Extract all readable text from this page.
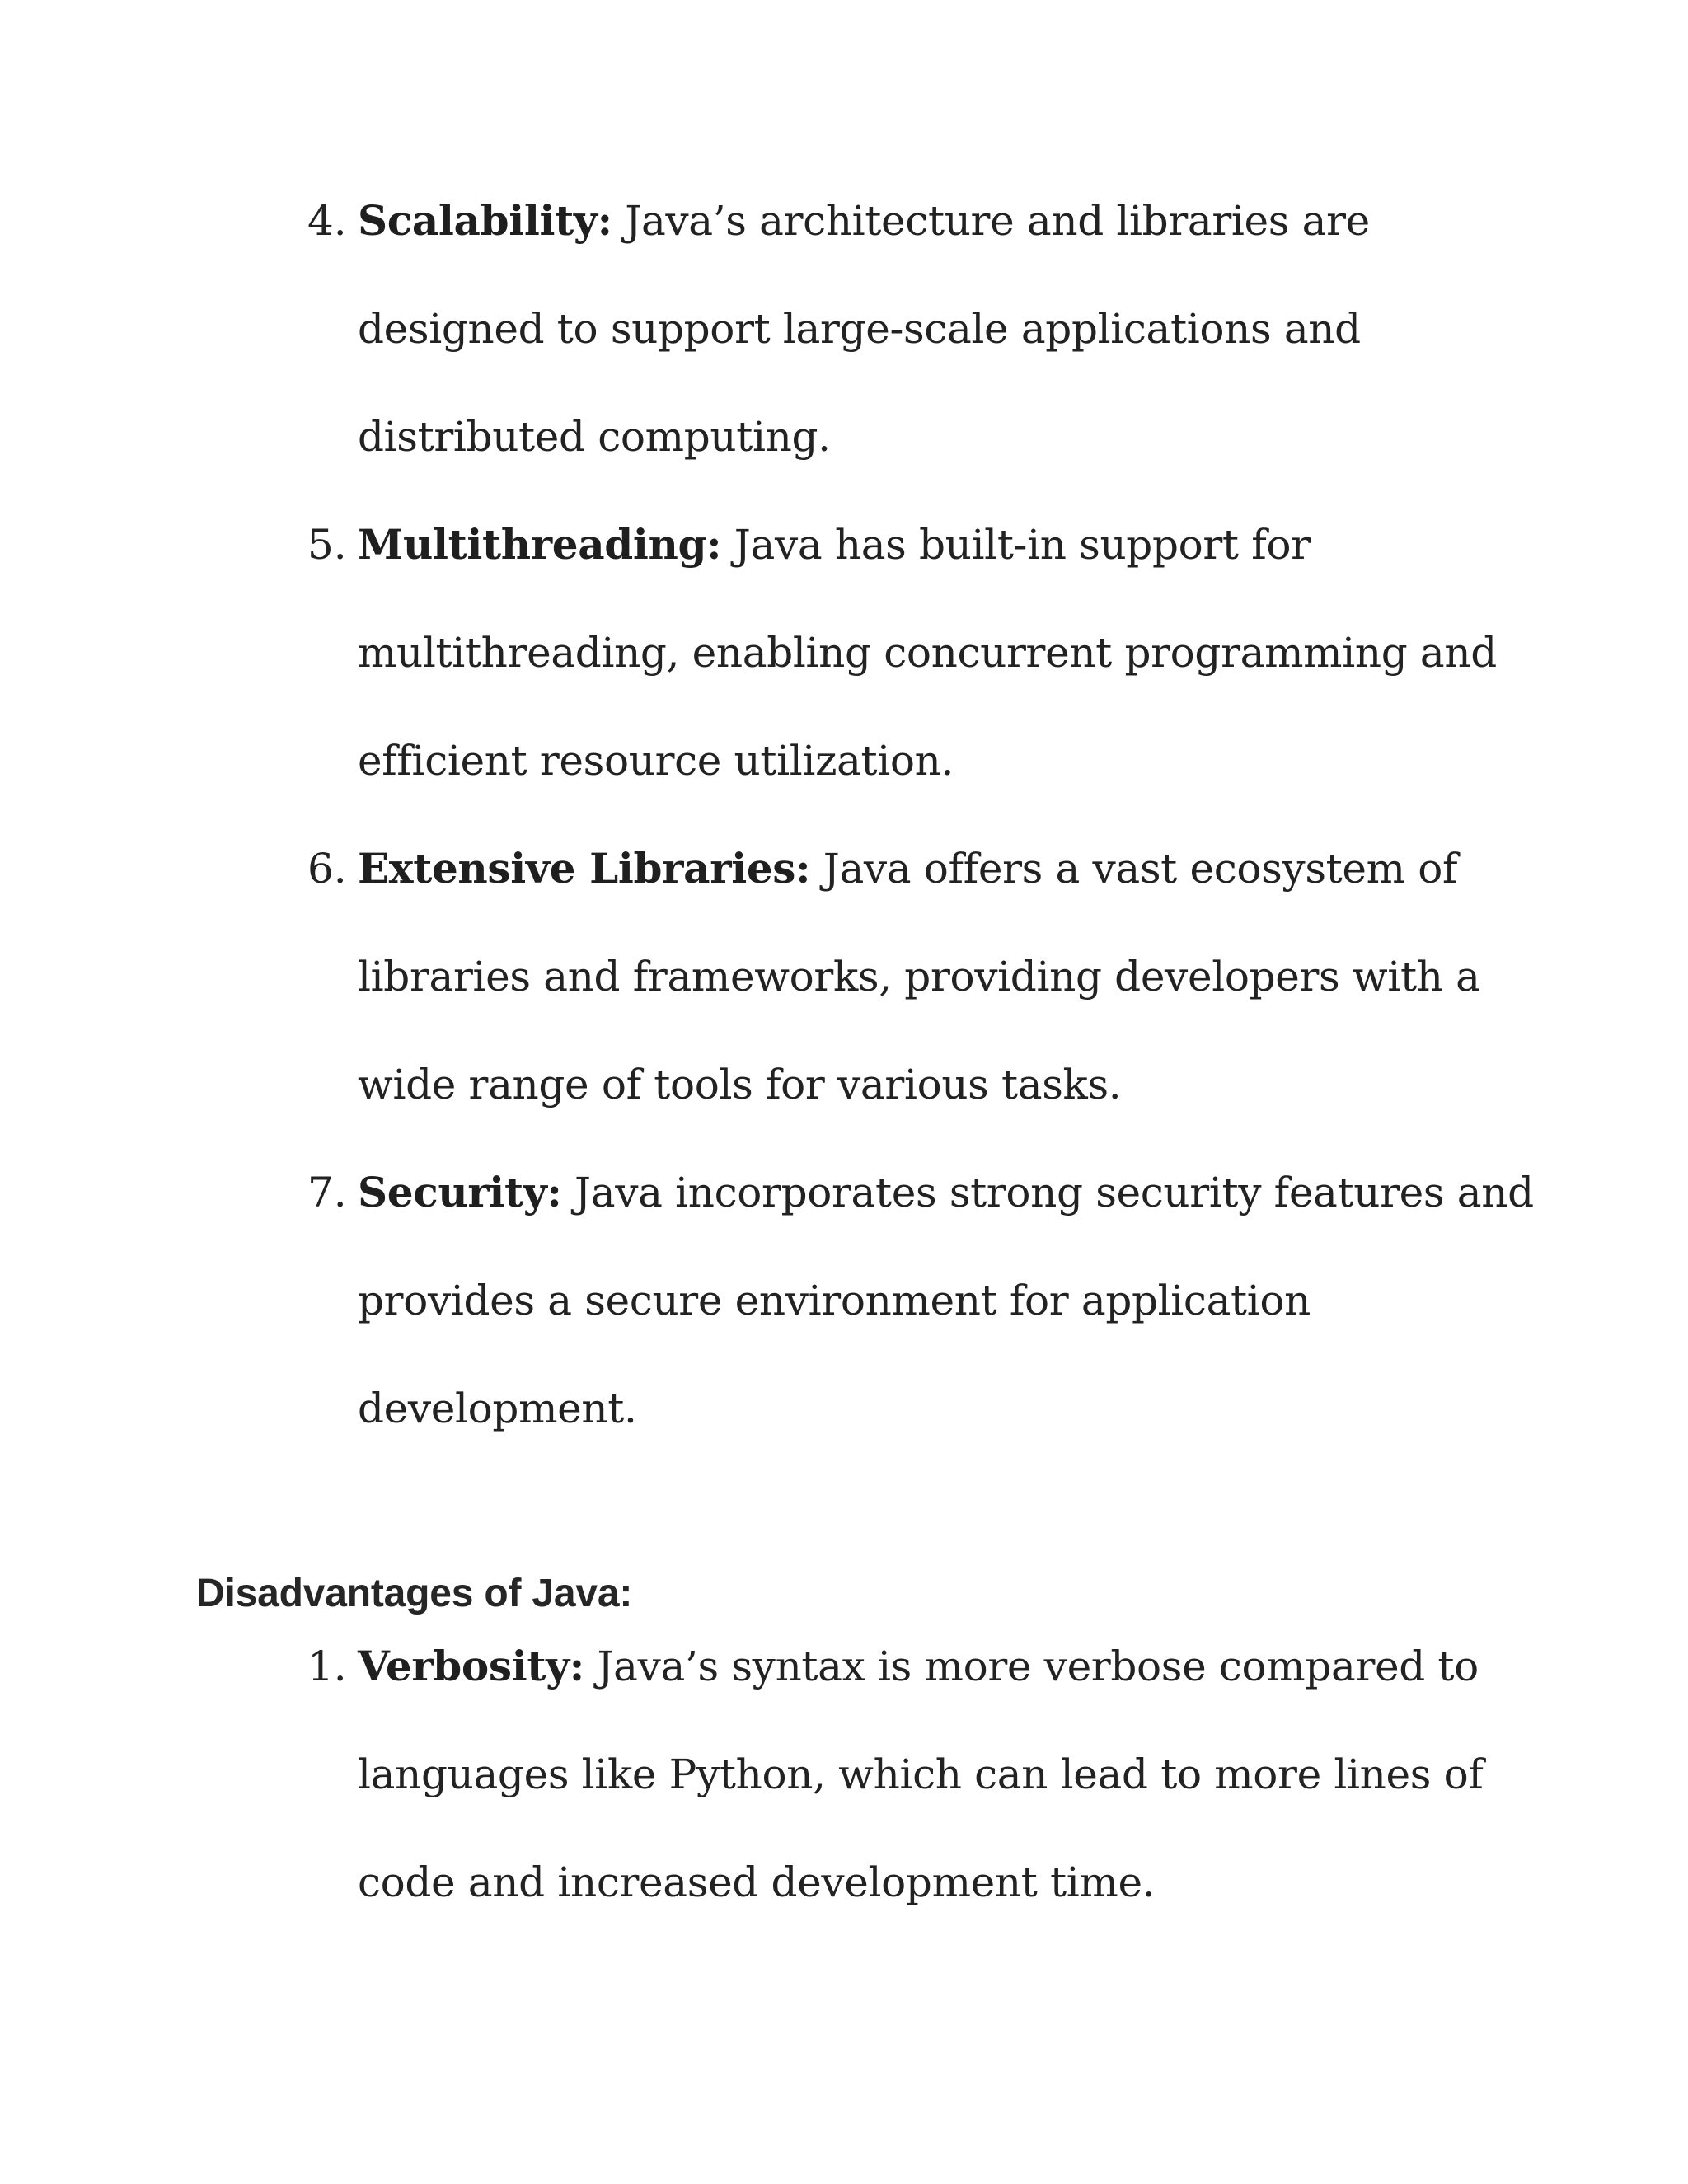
4. Scalability: Java’s architecture and libraries are
designed to support large-scale applications and
distributed computing.
5. Multithreading: Java has built-in support for
multithreading, enabling concurrent programming and
efficient resource utilization.
6. Extensive Libraries: Java offers a vast ecosystem of
libraries and frameworks, providing developers with a
wide range of tools for various tasks.
7. Security: Java incorporates strong security features and
provides a secure environment for application
development.
Disadvantages of Java:
1. Verbosity: Java’s syntax is more verbose compared to
languages like Python, which can lead to more lines of
code and increased development time.
